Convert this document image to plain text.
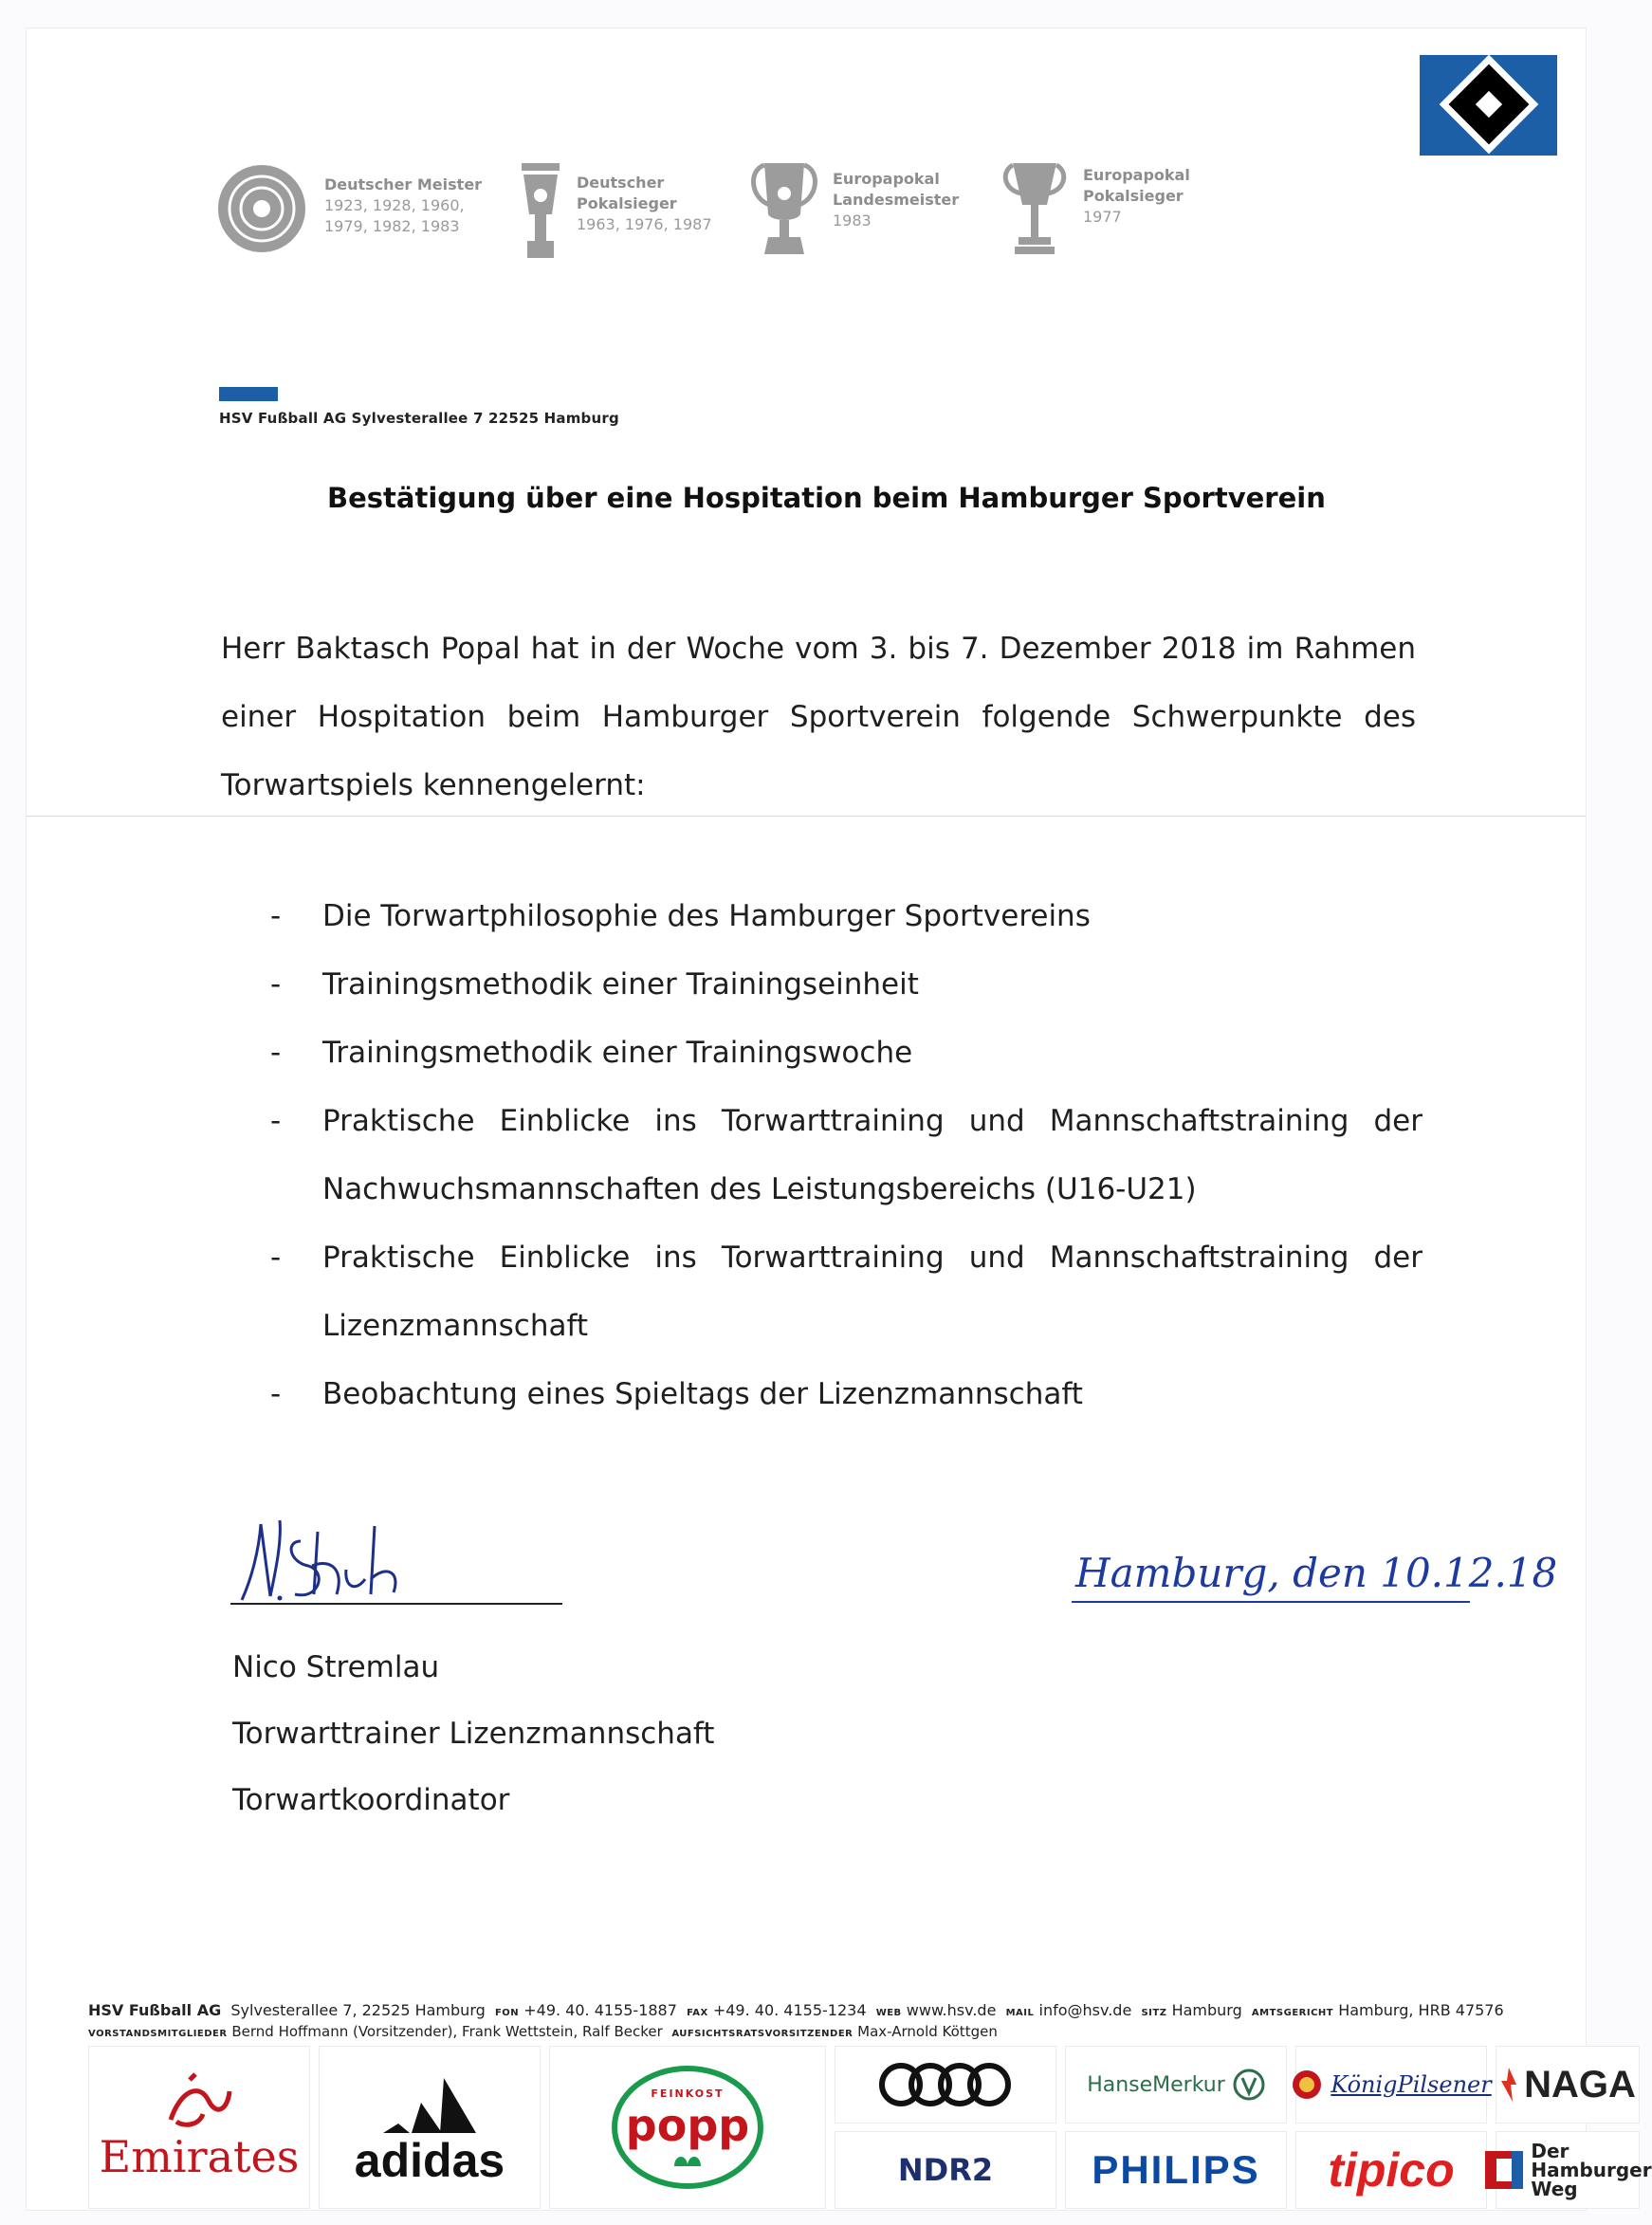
Deutscher Meister
1923, 1928, 1960,
1979, 1982, 1983
Deutscher
Pokalsieger
1963, 1976, 1987
Europapokal
Landesmeister
1983
Europapokal
Pokalsieger
1977
HSV Fußball AG Sylvesterallee 7 22525 Hamburg
Bestätigung über eine Hospitation beim Hamburger Sportverein

Herr Baktasch Popal hat in der Woche vom 3. bis 7. Dezember 2018 im Rahmen einer Hospitation beim Hamburger Sportverein folgende Schwerpunkte des Torwartspiels kennengelernt:

- Die Torwartphilosophie des Hamburger Sportvereins
- Trainingsmethodik einer Trainingseinheit
- Trainingsmethodik einer Trainingswoche
- Praktische Einblicke ins Torwarttraining und Mannschaftstraining der Nachwuchsmannschaften des Leistungsbereichs (U16-U21)
- Praktische Einblicke ins Torwarttraining und Mannschaftstraining der Lizenzmannschaft
- Beobachtung eines Spieltags der Lizenzmannschaft
Hamburg, den 10.12.18
Nico Stremlau
Torwarttrainer Lizenzmannschaft
Torwartkoordinator
HSV Fußball AG Sylvesterallee 7, 22525 Hamburg FON +49. 40. 4155-1887 FAX +49. 40. 4155-1234 WEB www.hsv.de MAIL info@hsv.de SITZ Hamburg AMTSGERICHT Hamburg, HRB 47576
VORSTANDSMITGLIEDER Bernd Hoffmann (Vorsitzender), Frank Wettstein, Ralf Becker AUFSICHTSRATSVORSITZENDER Max-Arnold Köttgen
Emirates adidas
FEINKOST
popp
NDR2
HanseMerkur
PHILIPS
KönigPilsener
tipico
NAGA
Der
Hamburger
Weg
